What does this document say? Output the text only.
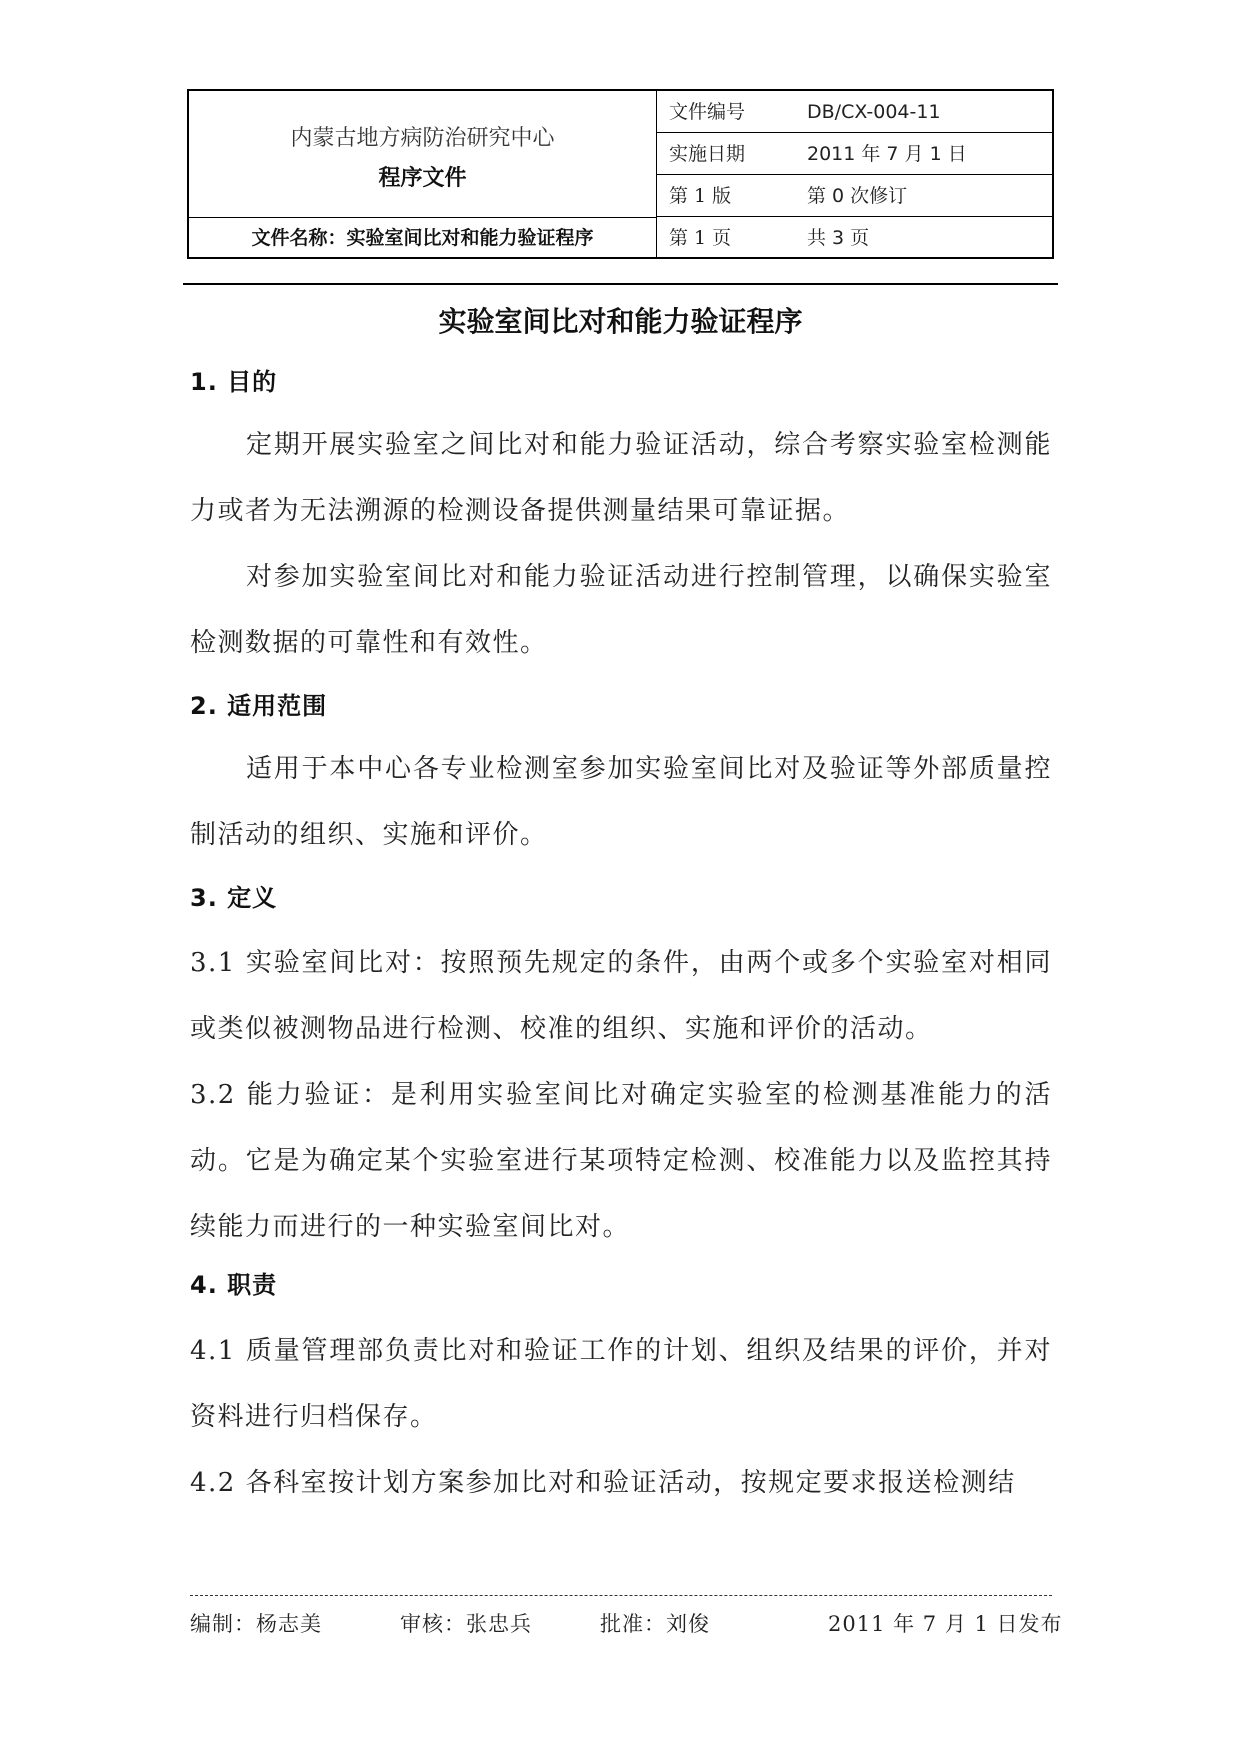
内蒙古地方病防治研究中心
程序文件
文件名称：实验室间比对和能力验证程序
文件编号	DB/CX-004-11
实施日期	2011 年 7 月 1 日
第 1 版	第 0 次修订
第 1 页	共 3 页
实验室间比对和能力验证程序
1. 目的
定期开展实验室之间比对和能力验证活动，综合考察实验室检测能力或者为无法溯源的检测设备提供测量结果可靠证据。
对参加实验室间比对和能力验证活动进行控制管理，以确保实验室检测数据的可靠性和有效性。
2. 适用范围
适用于本中心各专业检测室参加实验室间比对及验证等外部质量控制活动的组织、实施和评价。
3. 定义
3.1 实验室间比对：按照预先规定的条件，由两个或多个实验室对相同或类似被测物品进行检测、校准的组织、实施和评价的活动。
3.2 能力验证：是利用实验室间比对确定实验室的检测基准能力的活动。它是为确定某个实验室进行某项特定检测、校准能力以及监控其持续能力而进行的一种实验室间比对。
4. 职责
4.1 质量管理部负责比对和验证工作的计划、组织及结果的评价，并对资料进行归档保存。
4.2 各科室按计划方案参加比对和验证活动，按规定要求报送检测结
编制：杨志美	审核：张忠兵	批准：刘俊	2011 年 7 月 1 日发布
